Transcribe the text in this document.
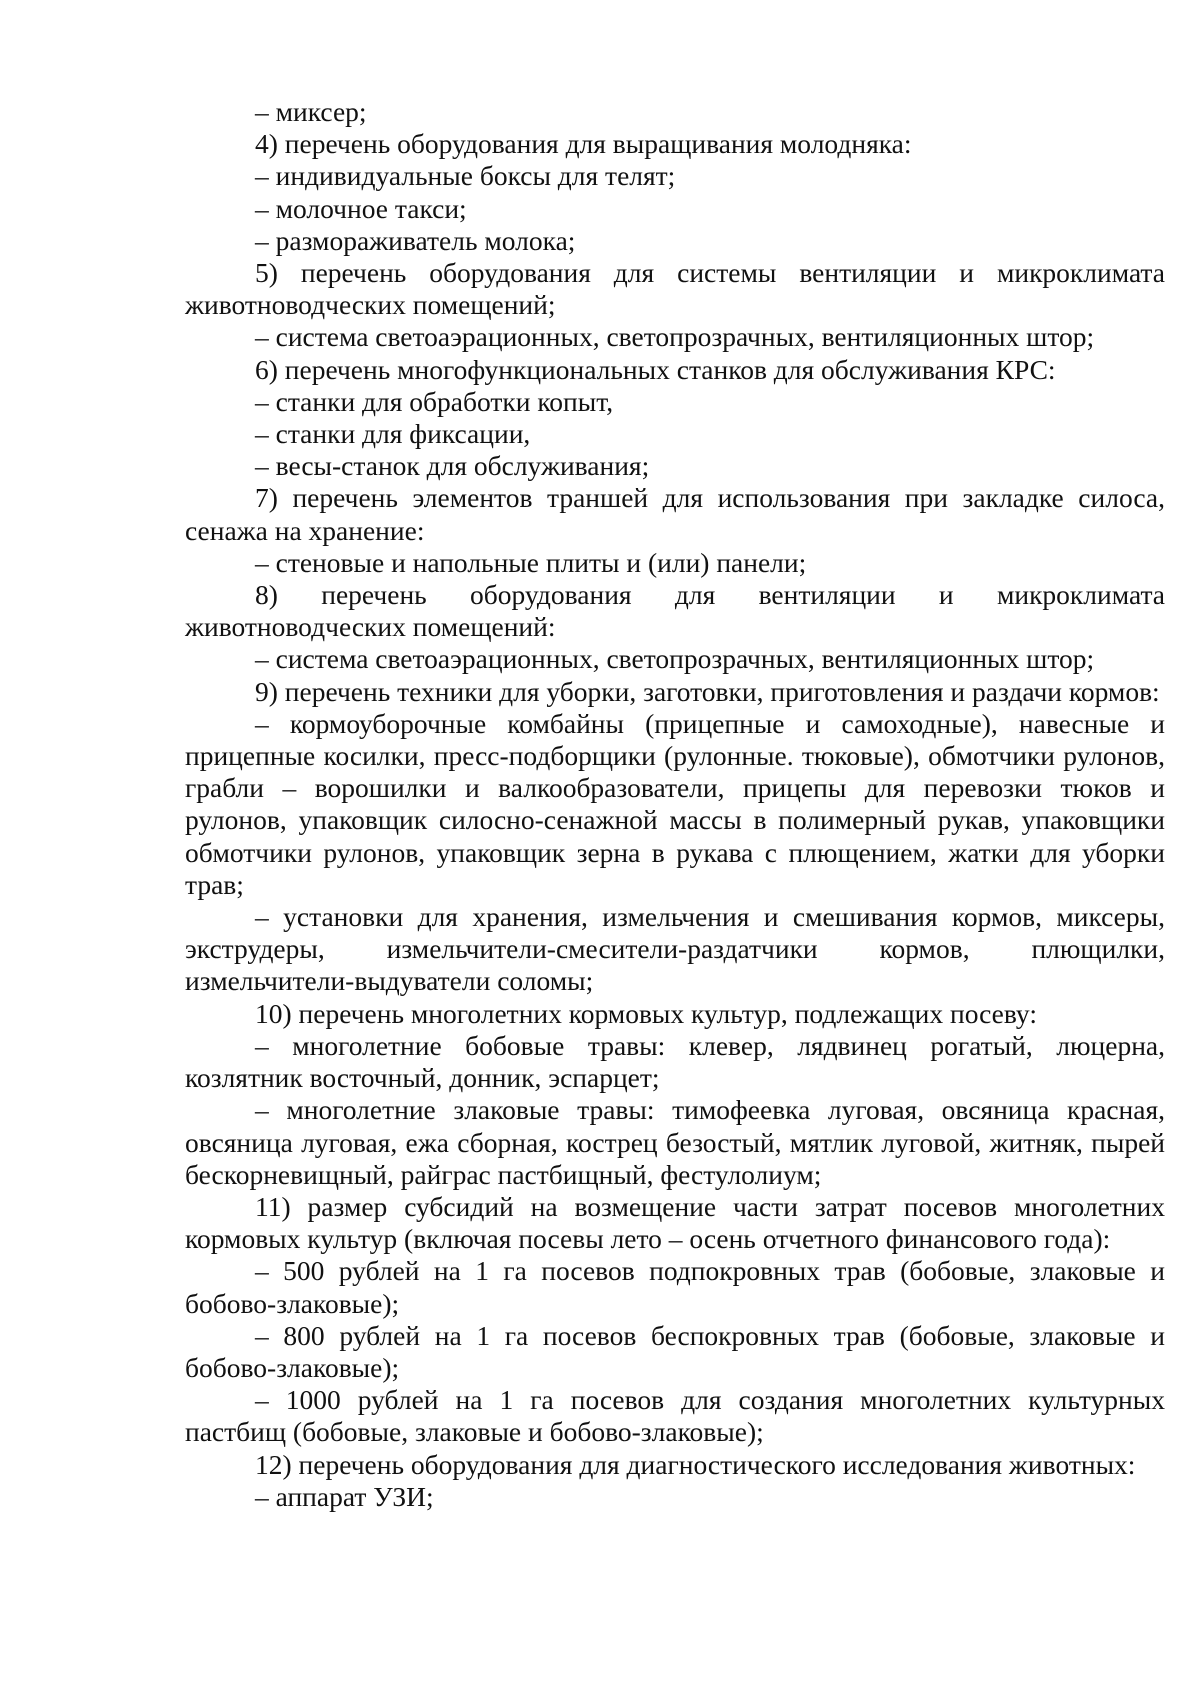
– миксер;

4) перечень оборудования для выращивания молодняка:

– индивидуальные боксы для телят;

– молочное такси;

– размораживатель молока;

5) перечень оборудования для системы вентиляции и микроклимата животноводческих помещений;

– система светоаэрационных, светопрозрачных, вентиляционных штор;

6) перечень многофункциональных станков для обслуживания КРС:

– станки для обработки копыт,

– станки для фиксации,

– весы-станок для обслуживания;

7) перечень элементов траншей для использования при закладке силоса, сенажа на хранение:

– стеновые и напольные плиты и (или) панели;

8) перечень оборудования для вентиляции и микроклимата животноводческих помещений:

– система светоаэрационных, светопрозрачных, вентиляционных штор;

9) перечень техники для уборки, заготовки, приготовления и раздачи кормов:

– кормоуборочные комбайны (прицепные и самоходные), навесные и прицепные косилки, пресс-подборщики (рулонные. тюковые), обмотчики рулонов, грабли – ворошилки и валкообразователи, прицепы для перевозки тюков и рулонов, упаковщик силосно-сенажной массы в полимерный рукав, упаковщики обмотчики рулонов, упаковщик зерна в рукава с плющением, жатки для уборки трав;

– установки для хранения, измельчения и смешивания кормов, миксеры, экструдеры, измельчители-смесители-раздатчики кормов, плющилки, измельчители-выдуватели соломы;

10) перечень многолетних кормовых культур, подлежащих посеву:

– многолетние бобовые травы: клевер, лядвинец рогатый, люцерна, козлятник восточный, донник, эспарцет;

– многолетние злаковые травы: тимофеевка луговая, овсяница красная, овсяница луговая, ежа сборная, кострец безостый, мятлик луговой, житняк, пырей бескорневищный, райграс пастбищный, фестулолиум;

11) размер субсидий на возмещение части затрат посевов многолетних кормовых культур (включая посевы лето – осень отчетного финансового года):

– 500 рублей на 1 га посевов подпокровных трав (бобовые, злаковые и бобово-злаковые);

– 800 рублей на 1 га посевов беспокровных трав (бобовые, злаковые и бобово-злаковые);

– 1000 рублей на 1 га посевов для создания многолетних культурных пастбищ (бобовые, злаковые и бобово-злаковые);

12) перечень оборудования для диагностического исследования животных:

– аппарат УЗИ;
